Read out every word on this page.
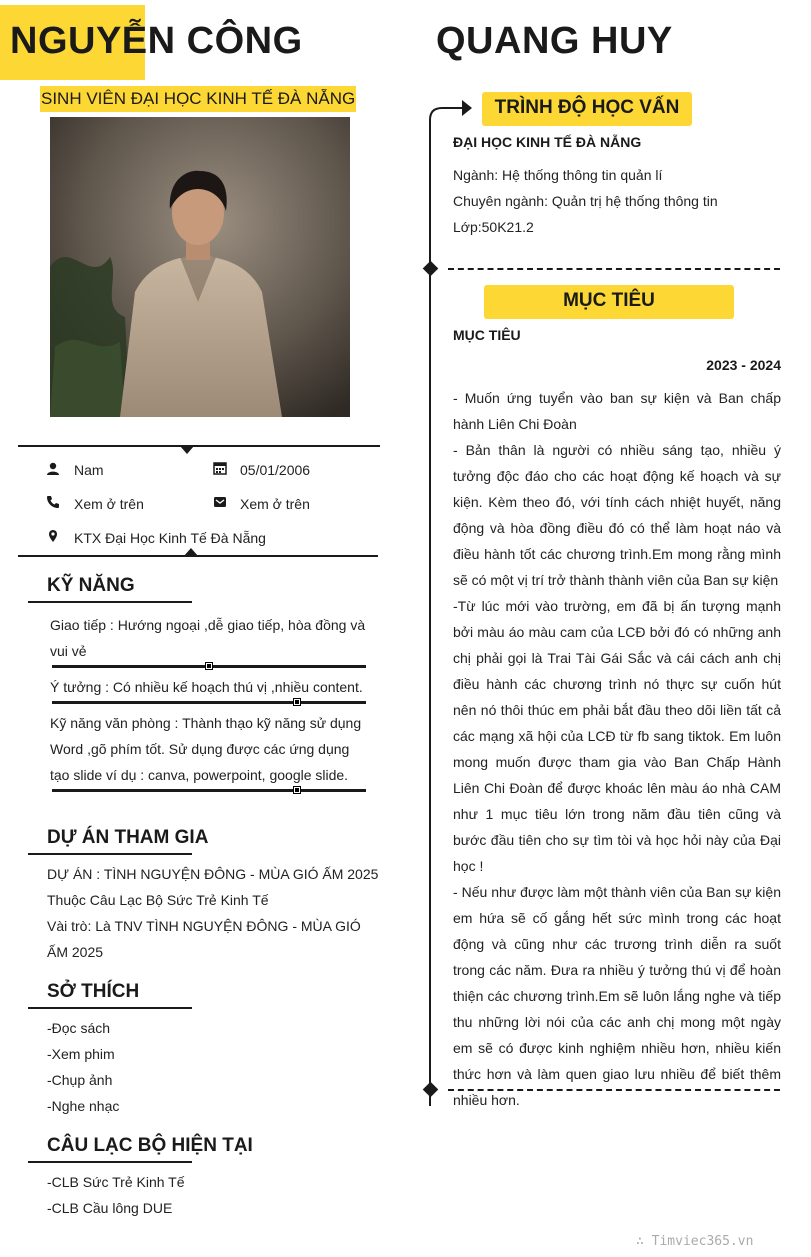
NGUYỄN CÔNG	QUANG HUY
SINH VIÊN ĐẠI HỌC KINH TẾ ĐÀ NẴNG
Nam	05/01/2006
Xem ở trên	Xem ở trên
KTX Đại Học Kinh Tế Đà Nẵng
KỸ NĂNG
Giao tiếp : Hướng ngoại ,dễ giao tiếp, hòa đồng và vui vẻ
Ý tưởng : Có nhiều kế hoạch thú vị ,nhiều content.
Kỹ năng văn phòng : Thành thạo kỹ năng sử dụng Word ,gõ phím tốt. Sử dụng được các ứng dụng tạo slide ví dụ : canva, powerpoint, google slide.
DỰ ÁN THAM GIA
DỰ ÁN : TÌNH NGUYỆN ĐÔNG - MÙA GIÓ ẤM 2025
Thuộc Câu Lạc Bộ Sức Trẻ Kinh Tế
Vài trò: Là TNV TÌNH NGUYỆN ĐÔNG - MÙA GIÓ ẤM 2025
SỞ THÍCH
-Đọc sách
-Xem phim
-Chụp ảnh
-Nghe nhạc
CÂU LẠC BỘ HIỆN TẠI
-CLB Sức Trẻ Kinh Tế
-CLB Cầu lông DUE
TRÌNH ĐỘ HỌC VẤN
ĐẠI HỌC KINH TẾ ĐÀ NẴNG
Ngành: Hệ thống thông tin quản lí
Chuyên ngành: Quản trị hệ thống thông tin
Lớp:50K21.2
MỤC TIÊU
MỤC TIÊU
2023 - 2024
- Muốn ứng tuyển vào ban sự kiện và Ban chấp hành Liên Chi Đoàn
- Bản thân là người có nhiều sáng tạo, nhiều ý tưởng độc đáo cho các hoạt động kế hoạch và sự kiện. Kèm theo đó, với tính cách nhiệt huyết, năng động và hòa đồng điều đó có thể làm hoạt náo và điều hành tốt các chương trình.Em mong rằng mình sẽ có một vị trí trở thành thành viên của Ban sự kiện
-Từ lúc mới vào trường, em đã bị ấn tượng mạnh bởi màu áo màu cam của LCĐ bởi đó có những anh chị phải gọi là Trai Tài Gái Sắc và cái cách anh chị điều hành các chương trình nó thực sự cuốn hút nên nó thôi thúc em phải bắt đầu theo dõi liền tất cả các mạng xã hội của LCĐ từ fb sang tiktok. Em luôn mong muốn được tham gia vào Ban Chấp Hành Liên Chi Đoàn để được khoác lên màu áo nhà CAM như 1 mục tiêu lớn trong năm đầu tiên cũng và bước đầu tiên cho sự tìm tòi và học hỏi này của Đại học !
- Nếu như được làm một thành viên của Ban sự kiện em hứa sẽ cố gắng hết sức mình trong các hoạt động và cũng như các trương trình diễn ra suốt trong các năm. Đưa ra nhiều ý tưởng thú vị để hoàn thiện các chương trình.Em sẽ luôn lắng nghe và tiếp thu những lời nói của các anh chị mong một ngày em sẽ có được kinh nghiệm nhiều hơn, nhiều kiến thức hơn và làm quen giao lưu nhiều để biết thêm nhiều hơn.
∴ Timviec365.vn
